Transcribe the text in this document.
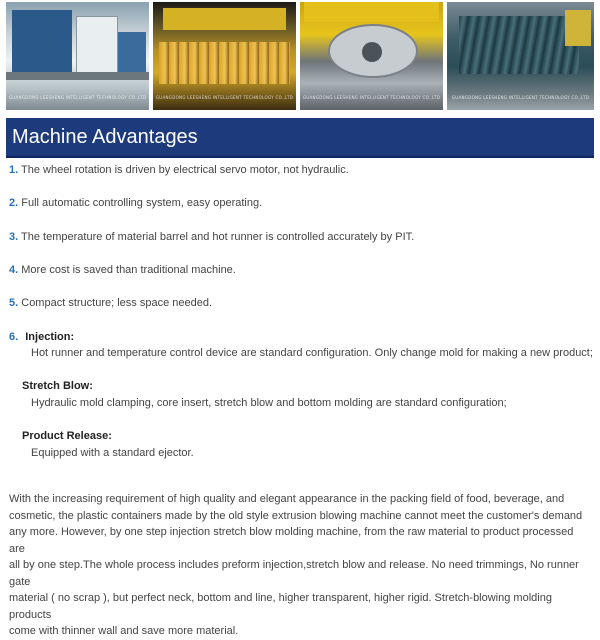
GUANGDONG LEESHENG INTELLIGENT TECHNOLOGY CO.,LTD	GUANGDONG LEESHENG INTELLIGENT TECHNOLOGY CO.,LTD	GUANGDONG LEESHENG INTELLIGENT TECHNOLOGY CO.,LTD	GUANGDONG LEESHENG INTELLIGENT TECHNOLOGY CO.,LTD
Machine Advantages
1. The wheel rotation is driven by electrical servo motor, not hydraulic.
2. Full automatic controlling system, easy operating.
3. The temperature of material barrel and hot runner is controlled accurately by PIT.
4. More cost is saved than traditional machine.
5. Compact structure; less space needed.
6. Injection:
Hot runner and temperature control device are standard configuration. Only change mold for making a new product;
Stretch Blow:
Hydraulic mold clamping, core insert, stretch blow and bottom molding are standard configuration;
Product Release:
Equipped with a standard ejector.
With the increasing requirement of high quality and elegant appearance in the packing field of food, beverage, and
cosmetic, the plastic containers made by the old style extrusion blowing machine cannot meet the customer's demand
any more. However, by one step injection stretch blow molding machine, from the raw material to product processed are
all by one step.The whole process includes preform injection,stretch blow and release. No need trimmings, No runner gate
material ( no scrap ), but perfect neck, bottom and line, higher transparent, higher rigid. Stretch-blowing molding products
come with thinner wall and save more material.
